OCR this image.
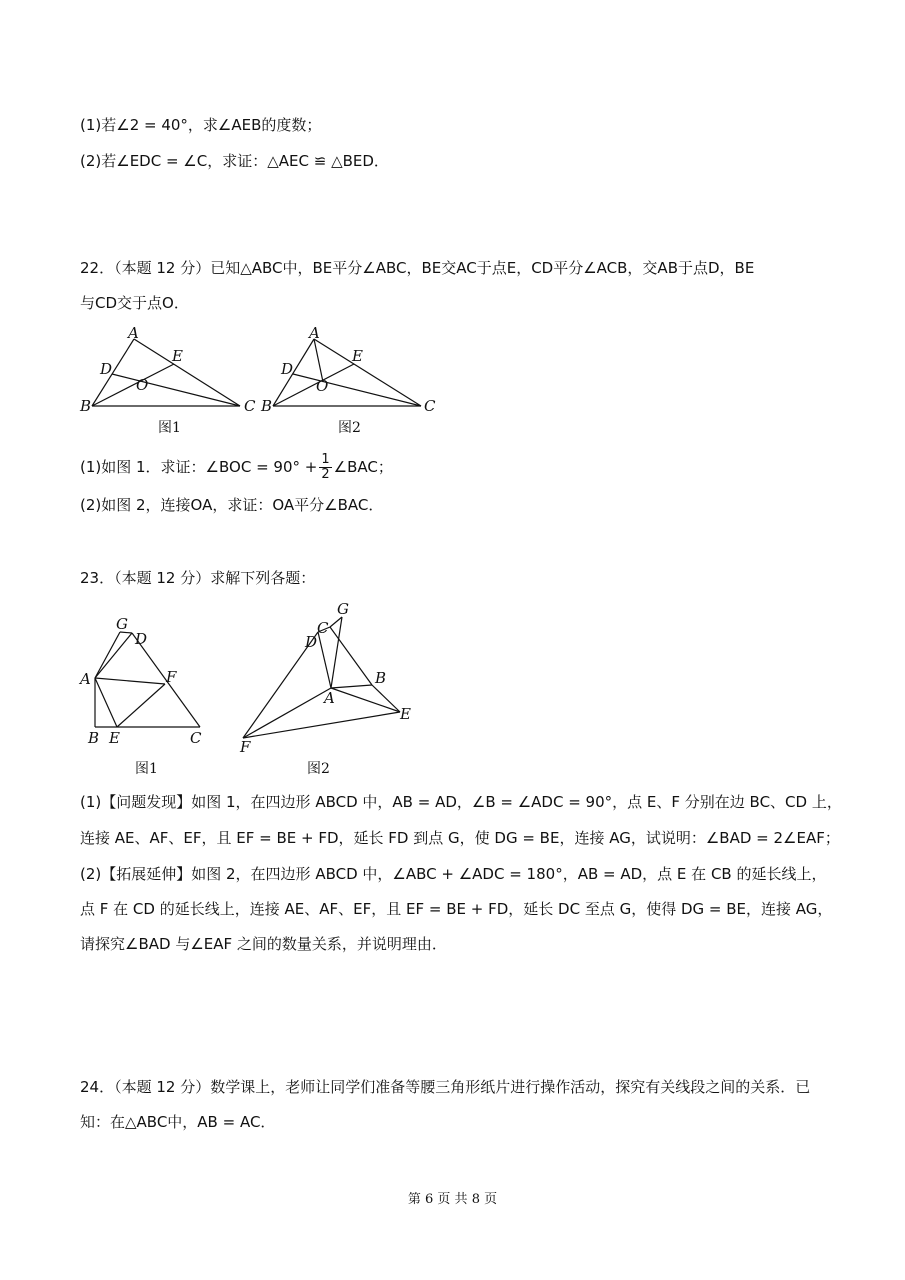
(1)若∠2 = 40°，求∠AEB的度数；
(2)若∠EDC = ∠C，求证：△AEC ≌ △BED．
22．（本题 12 分）已知△ABC中，BE平分∠ABC，BE交AC于点E，CD平分∠ACB，交AB于点D，BE
与CD交于点O．
A
B	C
D
E
O
图1
A
B	C
D
E
O
图2
(1)如图 1．求证：∠BOC = $90^\circ + \frac{1}{2}$ ∠BAC；
(2)如图 2，连接OA，求证：OA平分∠BAC．
23．（本题 12 分）求解下列各题：
G
D
A	F
B E	C
图1
G
C
D
B
A
E
F
图2
(1)【问题发现】如图 1，在四边形 ABCD 中，AB = AD，∠B = ∠ADC = 90°，点 E、F 分别在边 BC、CD 上，
连接 AE、AF、EF，且 EF = BE + FD，延长 FD 到点 G，使 DG = BE，连接 AG，试说明：∠BAD = 2∠EAF；
(2)【拓展延伸】如图 2，在四边形 ABCD 中，∠ABC + ∠ADC = 180°，AB = AD，点 E 在 CB 的延长线上，
点 F 在 CD 的延长线上，连接 AE、AF、EF，且 EF = BE + FD，延长 DC 至点 G，使得 DG = BE，连接 AG，
请探究∠BAD 与∠EAF 之间的数量关系，并说明理由．
24．（本题 12 分）数学课上，老师让同学们准备等腰三角形纸片进行操作活动，探究有关线段之间的关系．已
知：在△ABC中，AB = AC．
第 6 页 共 8 页
